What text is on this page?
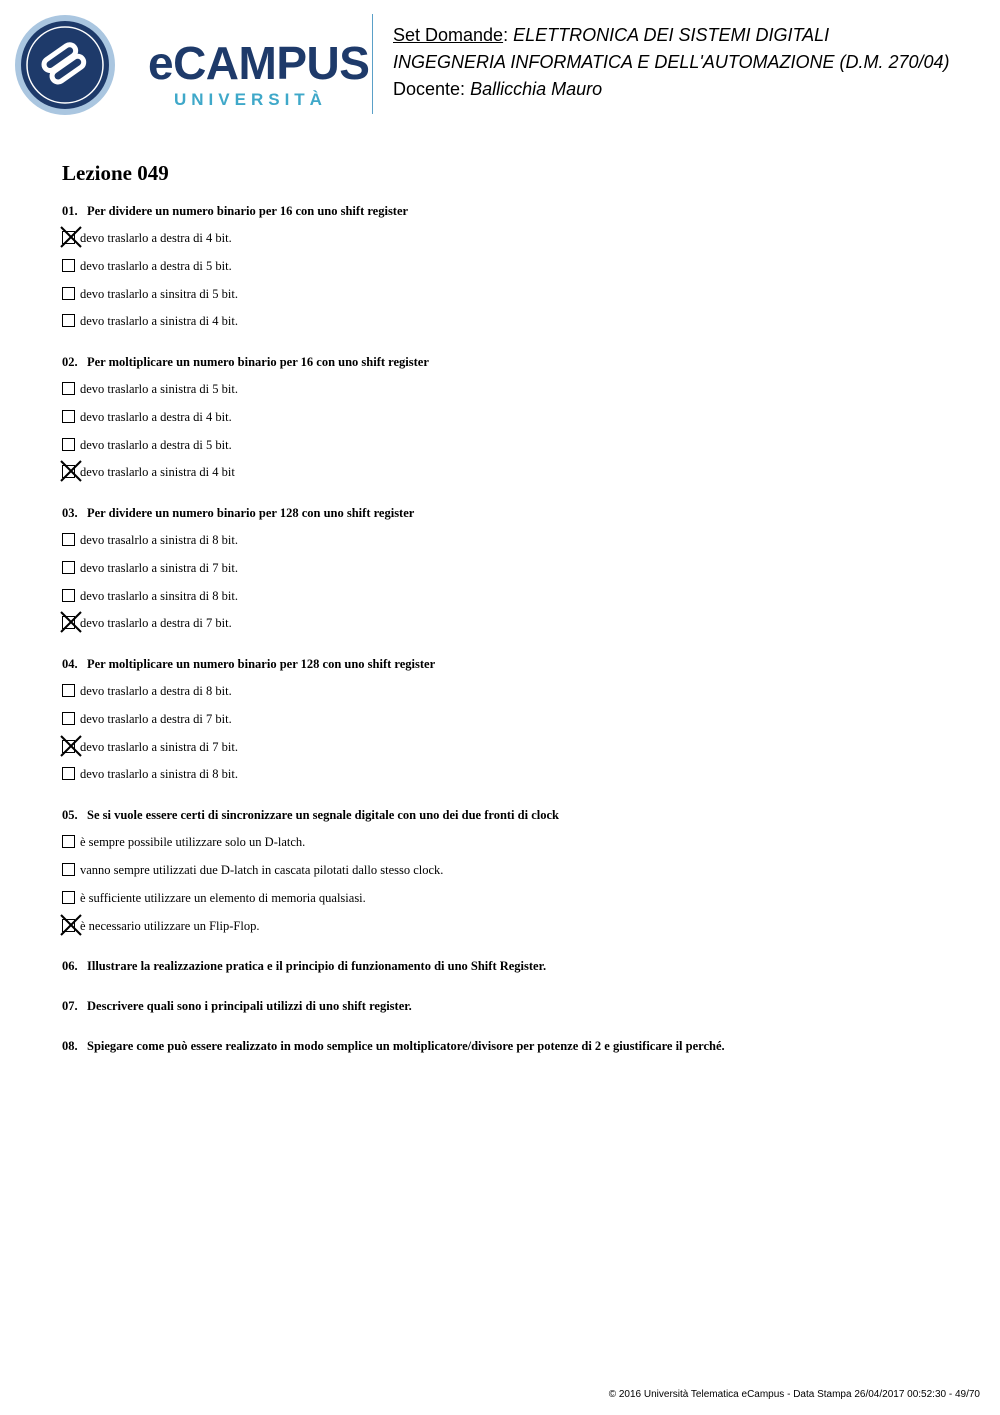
eCAMPUS
UNIVERSITÀ
Set Domande: ELETTRONICA DEI SISTEMI DIGITALI
INGEGNERIA INFORMATICA E DELL'AUTOMAZIONE (D.M. 270/04)
Docente: Ballicchia Mauro
Lezione 049
01. Per dividere un numero binario per 16 con uno shift register
devo traslarlo a destra di 4 bit.
devo traslarlo a destra di 5 bit.
devo traslarlo a sinsitra di 5 bit.
devo traslarlo a sinistra di 4 bit.
02. Per moltiplicare un numero binario per 16 con uno shift register
devo traslarlo a sinistra di 5 bit.
devo traslarlo a destra di 4 bit.
devo traslarlo a destra di 5 bit.
devo traslarlo a sinistra di 4 bit
03. Per dividere un numero binario per 128 con uno shift register
devo trasalrlo a sinistra di 8 bit.
devo traslarlo a sinistra di 7 bit.
devo traslarlo a sinsitra di 8 bit.
devo traslarlo a destra di 7 bit.
04. Per moltiplicare un numero binario per 128 con uno shift register
devo traslarlo a destra di 8 bit.
devo traslarlo a destra di 7 bit.
devo traslarlo a sinistra di 7 bit.
devo traslarlo a sinistra di 8 bit.
05. Se si vuole essere certi di sincronizzare un segnale digitale con uno dei due fronti di clock
è sempre possibile utilizzare solo un D-latch.
vanno sempre utilizzati due D-latch in cascata pilotati dallo stesso clock.
è sufficiente utilizzare un elemento di memoria qualsiasi.
è necessario utilizzare un Flip-Flop.
06. Illustrare la realizzazione pratica e il principio di funzionamento di uno Shift Register.
07. Descrivere quali sono i principali utilizzi di uno shift register.
08. Spiegare come può essere realizzato in modo semplice un moltiplicatore/divisore per potenze di 2 e giustificare il perché.
© 2016 Università Telematica eCampus - Data Stampa 26/04/2017 00:52:30 - 49/70
